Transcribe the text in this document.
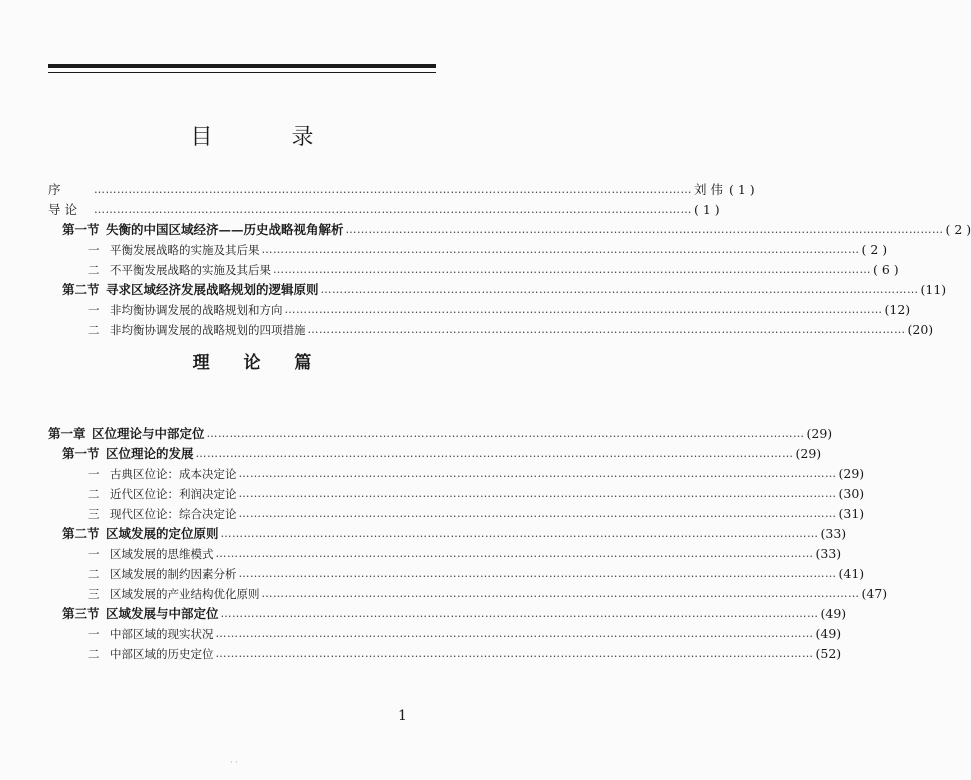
目 录
序	………………………………………………………………………………………………………………………………………… 刘 伟 ( 1 )
导 论	………………………………………………………………………………………………………………………………………… ( 1 )
第一节 失衡的中国区域经济——历史战略视角解析 ………………………………………………………………………………………………………………………………………… ( 2 )
一 平衡发展战略的实施及其后果 ………………………………………………………………………………………………………………………………………… ( 2 )
二 不平衡发展战略的实施及其后果 ………………………………………………………………………………………………………………………………………… ( 6 )
第二节 寻求区域经济发展战略规划的逻辑原则 ………………………………………………………………………………………………………………………………………… (11)
一 非均衡协调发展的战略规划和方向 ………………………………………………………………………………………………………………………………………… (12)
二 非均衡协调发展的战略规划的四项措施 ………………………………………………………………………………………………………………………………………… (20)
理 论 篇
第一章 区位理论与中部定位 ………………………………………………………………………………………………………………………………………… (29)
第一节 区位理论的发展 ………………………………………………………………………………………………………………………………………… (29)
一 古典区位论：成本决定论 ………………………………………………………………………………………………………………………………………… (29)
二 近代区位论：利润决定论 ………………………………………………………………………………………………………………………………………… (30)
三 现代区位论：综合决定论 ………………………………………………………………………………………………………………………………………… (31)
第二节 区域发展的定位原则 ………………………………………………………………………………………………………………………………………… (33)
一 区域发展的思维模式 ………………………………………………………………………………………………………………………………………… (33)
二 区域发展的制约因素分析 ………………………………………………………………………………………………………………………………………… (41)
三 区域发展的产业结构优化原则 ………………………………………………………………………………………………………………………………………… (47)
第三节 区域发展与中部定位 ………………………………………………………………………………………………………………………………………… (49)
一 中部区域的现实状况 ………………………………………………………………………………………………………………………………………… (49)
二 中部区域的历史定位 ………………………………………………………………………………………………………………………………………… (52)
1
· ·
